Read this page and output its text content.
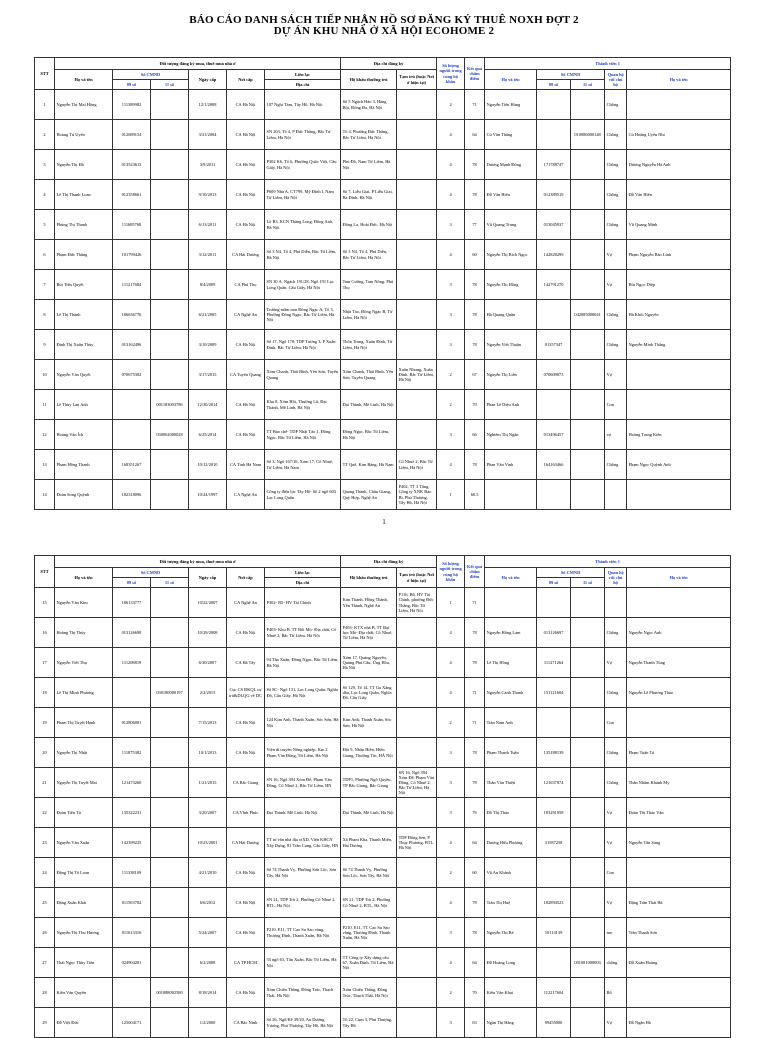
BÁO CÁO DANH SÁCH TIẾP NHẬN HỒ SƠ ĐĂNG KÝ THUÊ NOXH ĐỢT 2
DỰ ÁN KHU NHÀ Ở XÃ HỘI ECOHOME 2
STT	Đối tượng đăng ký mua, thuê mua nhà ở						Địa chỉ đăng ký		Số lượng người trong cùng hộ khẩu	Kết quả chấm điểm	Thành viên 1				
	Họ và tên	Số CMND		Ngày cấp	Nơi cấp	Liên lạc	Hộ khẩu thường trú	Tạm trú (hoặc Nơi ở hiện tại)			Họ và tên	Số CMND		Quan hệ với chủ hộ	Họ và tên
		09 số	11 số			Địa chỉ						09 số	11 số		

1	Nguyễn Thị Mai Hồng	111389982		12/1/2008	CA Hà Nội	107 Nghi Tàm, Tây Hồ, Hà Nội	Số 5 Ngách Hào 3, Hàng Bột, Đống Đa, Hà Nội		2	71	Nguyễn Tiến Hùng			Chồng	
2	Hoàng Tú Uyên	012689154		3/31/2004	CA Hà Nội	SN 203, Tổ 4, P Đức Thắng, Bắc Từ Liêm, Hà Nội	Tổ 4, Phường Đức Thắng, Bắc Từ Liêm, Hà Nội		4	64	Cù Văn Thắng		010086000148	Chồng	Cù Hoàng Uyên Nhi
3	Nguyễn Thị Hà	013523613		3/9/2011	CA Hà Nội	P302 K6, Tổ 6, Phường Quốc Việt, Cầu Giấy, Hà Nội	Phú Đô, Nam Từ Liêm, Hà Nội		4	78	Dương Mạnh Đông	171788747		Chồng	Dương Nguyễn Hà Anh
4	Lê Thị Thanh Loan	012358661		9/10/2013	CA Hà Nội	P609 Nhà A, CT799, Mỹ Đình I, Nam Từ Liêm, Hà Nội	Số 7, Liễu Giai, P Liễu Giai, Ba Đình, Hà Nội		4	78	Đỗ Văn Hiếu	012389519		Chồng	Đỗ Văn Hiền
5	Phùng Thị Thanh	111685768		6/13/2011	CA Hà Nội	Lô B3, KCN Thăng Long, Đông Anh, Hà Nội	Đông La, Hoài Đức, Hà Nội		3	77	Vũ Quang Trung	013045937		Chồng	Vũ Quang Minh
6	Phạm Đức Thắng	101799426		3/12/2011	CA Hải Dương	Số 3 N4, Tổ 4, Phú Diễn, Bắc Từ Liêm, Hà Nội	Số 3 N4, Tổ 4, Phú Diễn, Bắc Từ Liêm, Hà Nội		4	60	Nguyễn Thị Bích Ngọc	142828299		Vợ	Phạm Nguyễn Bảo Linh
7	Bùi Tiến Quyết	111217684		8/4/2009	CA Phú Thọ	SN 30 A, Ngách 191/28, Ngõ 191 Lạc Long Quân, Cầu Giấy, Hà Nội	Tam Cường, Tam Nông, Phú Thọ		3	78	Nguyễn Thị Hồng	142791270		Vợ	Bùi Ngọc Diệp
8	Lê Thị Thành	186636776		6/21/2005	CA Nghệ An	Trường mầm non Đông Ngạc A, Tổ 5, Phường Đông Ngạc, Bắc Từ Liêm, Hà Nội	Nhật Tảo, Đông Ngạc B, Từ Liêm, Hà Nội		3	78	Hà Quang Quân		042085000041	Chồng	Hà Khôi Nguyên
9	Đinh Thị Xuân Thùy	013162496		3/10/2009	CA Hà Nội	Số 17, Ngõ 178, TDP Tương 3, P Xuân Đỉnh, Bắc Từ Liêm, Hà Nội	Thôn Trung, Xuân Đỉnh, Từ Liêm, Hà Nội		3	78	Nguyễn Viết Thuận	01357347		Chồng	Nguyễn Minh Thắng
10	Nguyễn Văn Quyết	070675382		3/17/2015	CA Tuyên Quang	Xóm Chanh, Thái Bình, Yên Sơn, Tuyên Quang	Xóm Chanh, Thái Bình, Yên Sơn, Tuyên Quang	Xuân Nhung, Xuân Đỉnh, Bắc Từ Liêm, Hà Nội	2	67	Nguyễn Thị Liên	070609873		Vợ	
11	Lê Thùy Lan Anh		001183003786	12/30/2014	CA Hà Nội	Khu 8, Xóm Hồi, Thường Lũ, Đại Thành, Mê Linh, Hà Nội	Đại Thành, Mê Linh, Hà Nội		2	70	Phan Lê Diệu Anh			Con	
12	Hoàng Văn Ích		030062000028	6/25/2014	CA Hà Nội	TT Bảo chế- TDP Nhật Tảo 1, Đông Ngạc, Bắc Từ Liêm, Hà Nội	Đông Ngạc, Bắc Từ Liêm, Hà Nội		3	66	Nghiêm Thị Ngân	013496457		vợ	Hoàng Trung Kiên
13	Phạm Hồng Thanh	168351267		10/12/2010	CA Tỉnh Hà Nam	Số 3, Ngõ 167/16, Xóm 17, Cổ Nhuế, Từ Liêm, Hà Nam	TT Quế, Kim Bảng, Hà Nam	Cổ Nhuế 2, Bắc Từ Liêm, Hà Nội	4	78	Phan Văn Vinh	164163466		Chồng	Phạm Ngọc Quỳnh Anh
14	Đoàn Song Quỳnh	182318096		10/24/1997	CA Nghệ An	Công ty điện lực Tây Hồ- Số 2 ngõ 603 Lạc Long Quân	Quang Thành, Châu Giang, Quỳ Hợp, Nghệ An	P402, TT 3 Tầng, Công ty XNK Bảo Bì, Phú Thượng, Tây Hồ, Hà Nội	1	60.5					
1
STT	Đối tượng đăng ký mua, thuê mua nhà ở						Địa chỉ đăng ký		Số lượng người trong cùng hộ khẩu	Kết quả chấm điểm	Thành viên 1				
	Họ và tên	Số CMND		Ngày cấp	Nơi cấp	Liên lạc	Hộ khẩu thường trú	Tạm trú (hoặc Nơi ở hiện tại)			Họ và tên	Số CMND		Quan hệ với chủ hộ	Họ và tên
		09 số	11 số			Địa chỉ						09 số	11 số		

15	Nguyễn Văn Kim	186133777		10/22/2007	CA Nghệ An	P302- B5- HV Tài Chính	Kim Thành, Hồng Thành, Yên Thành, Nghệ An	P116, B6, HV Tài Chính, phường Đức Thắng, Bắc Từ Liêm, Hà Nội	1	71					
16	Hoàng Thị Thúy	013126698		10/29/2008	CA Hà Nội	P403- Khu B, TT Bồi Mỏ- Địa chất, Cổ Nhuế 2, Bắc Từ Liêm, Hà Nội	P403- KTX nhà B, TT Đại học Mỏ- Địa chất, Cổ Nhuế, Từ Liêm, Hà Nội		4	78	Nguyễn Hồng Lam	013126697		Chồng	Nguyễn Ngọc Anh
17	Nguyễn Viết Thụ	111208819		6/30/2007	CA Hà Tây	94 Tân Xuân, Đông Ngạc, Bắc Từ Liêm, Hà Nội	Xóm 17, Quảng Nguyên, Quảng Phú Cầu, Ứng Hòa, Hà Nội		4	78	Lê Thị Hồng	111271264		Vợ	Nguyễn Thanh Tùng
18	Lê Thị Minh Phương		030180000197	2/2/2015	Cục CS ĐKQL cư trú&DLQG về DC	Số 8C- Ngõ 131, Lạc Long Quân, Nghĩa Đô, Cầu Giấy, Hà Nội	Số 129, Tổ 14, TT Ga Xăng dầu, Lạc Long Quân, Nghĩa Đô, Cầu Giấy		4	71	Nguyễn Cảnh Thanh	151121604		Chồng	Nguyễn Lê Phương Thảo
19	Phạm Thị Tuyết Hạnh	012806081		7/15/2013	CA Hà Nội	124 Kim Anh, Thanh Xuân, Sóc Sơn, Hà Nội	Kim Anh, Thanh Xuân, Sóc Sơn, Hà Nội		2	71	Trần Nam Anh			Con	
20	Nguyễn Thị Nhật	111875382		10/1/2013	CA Hà Nội	Viện di truyền Nông nghiệp, Km 2 Phạm Văn Đồng, Từ Liêm, Hà Nội	Đội 9, Nhân Hiền, Hiền Giang, Thường Tín, HÀ Nội		3	78	Phạm Thanh Tuấn	135188139		Chồng	Phạm Tuấn Tú
21	Nguyễn Thị Tuyết Mai	121473260		1/21/2015	CA Bắc Giang	SN 16, Ngõ 394 Xóm Đê, Phạm Văn Đồng, Cổ Nhuế 2, Bắc Từ Liêm, HN	TDP1, Phường Ngô Quyền, TP Bắc Giang, Bắc Giang	SN 16, Ngõ 394 Xóm Đê, Phạm Văn Đồng, Cổ Nhuế 2, Bắc Từ Liêm, Hà Nội	3	78	Thân Văn Thiện	121637874		Chồng	Thân Nhâm Khánh My
22	Đoàn Tiến Tú	135322231		3/20/2007	CA Vĩnh Phúc	Đại Thành, Mê Linh, Hà Nội	Đại Thành, Mê Linh, Hà Nội		3	76	Đỗ Thị Thảo	183291958		Vợ	Đoàn Thị Thảo Vân
23	Nguyễn Văn Xuân	142399225		10/23/2001	CA Hải Dương	TT tư vấn nhà địa vỉXD, Viện KHCN Xây Dựng, 81 Trần Cung, Cầu Giấy, HN	Xã Phạm Kha, Thanh Miện, Hải Dương	TDP Đông Sen, P Thụy Phương, BTL, Hà Nội	4	64	Dương Hữu Phương	31587258		Vợ	Nguyễn Tấn Sang
24	Đặng Thị Tố Loan	111338109		4/21/2010	CA Hà Nội	Số 74 Thanh Vỵ, Phường Sơn Lộc, Sơn Tây, Hà Nội	Số 74 Thanh Vỵ, Phường Sơn Lộc, Sơn Tây, Hà Nội		2	60	Vũ An Khánh			Con	
25	Đặng Xuân Khải	011503782		6/6/2012	CA Hà Nội	SN 21, TDP Trù 2, Phường Cổ Nhuế 2, BTL, Hà Nội	SN 21, TDP Trù 2, Phường Cổ Nhuế 2, BTL, Hà Nội		4	78	Trần Thị Huệ	182894523		Vợ	Đặng Trần Thái Hà
26	Nguyễn Thị Thu Hương	011613316		5/24/2007	CA Hà Nội	P210, E11, TT Cao Su Sao vàng, Thượng Đình, Thanh Xuân, Hà Nội	P210, E11, TT Cao Su Sao vàng, Thượng Đình, Thanh Xuân, Hà Nội		3	78	Nguyễn Thị Bé	10114139		mẹ	Trần Thanh Sơn
27	Thái Ngọc Thùy Tiên	024904281		6/2/2008	CA TP HCM	35 ngõ 63, Tân Xuân, Bắc Từ Liêm, Hà Nội	TT Công ty Xây dựng cầu 67, Xuân Đỉnh, Từ Liêm, Hà Nội		4	64	Đỗ Hoàng Long		001081000003	chồng	Đỗ Xuân Hoàng
28	Kiều Văn Quyền		001088002580	8/18/2014	CA Hà Nội	Xóm Chiến Thắng, Đồng Trúc, Thạch Thất, Hà Nội	Xóm Chiến Thắng, Đồng Trúc, Thạch Thất, Hà Nội		2	70	Kiều Văn Khai	112217604		Bố	
29	Đỗ Việt Đức	125004171		1/2/2000	CA Bắc Ninh	Số 26, Ngõ/Kề 39/20, An Dương Vương, Phú Thượng, Tây Hồ, Hà Nội	Tổ 22, Cụm 3, Phú Thượng, Tây Hồ		3	63	Ngân Thị Hằng	09455000		Vợ	Đỗ Ngân Hà
